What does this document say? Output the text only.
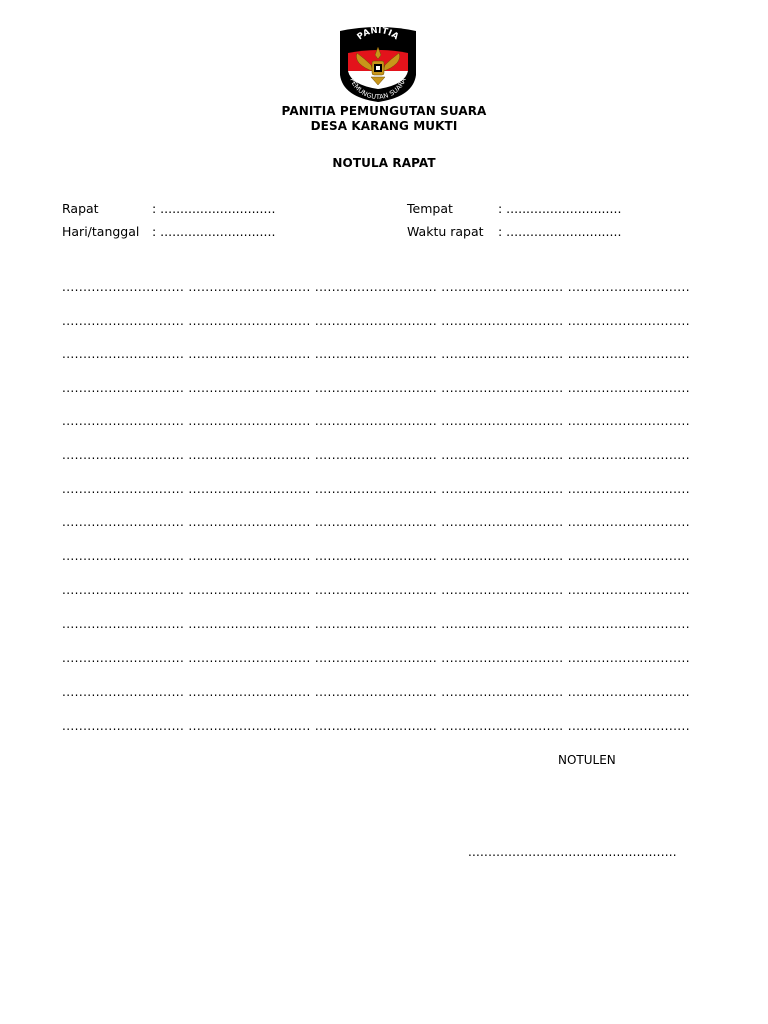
PANITIA
PEMUNGUTAN SUARA
PANITIA PEMUNGUTAN SUARA
DESA KARANG MUKTI
NOTULA RAPAT
Rapat	: .............................
Hari/tanggal : .............................
Tempat	: .............................
Waktu rapat : .............................
............................. ............................. ............................. ............................. .............................
............................. ............................. ............................. ............................. .............................
............................. ............................. ............................. ............................. .............................
............................. ............................. ............................. ............................. .............................
............................. ............................. ............................. ............................. .............................
............................. ............................. ............................. ............................. .............................
............................. ............................. ............................. ............................. .............................
............................. ............................. ............................. ............................. .............................
............................. ............................. ............................. ............................. .............................
............................. ............................. ............................. ............................. .............................
............................. ............................. ............................. ............................. .............................
............................. ............................. ............................. ............................. .............................
............................. ............................. ............................. ............................. .............................
............................. ............................. ............................. ............................. .............................
NOTULEN
....................................................
